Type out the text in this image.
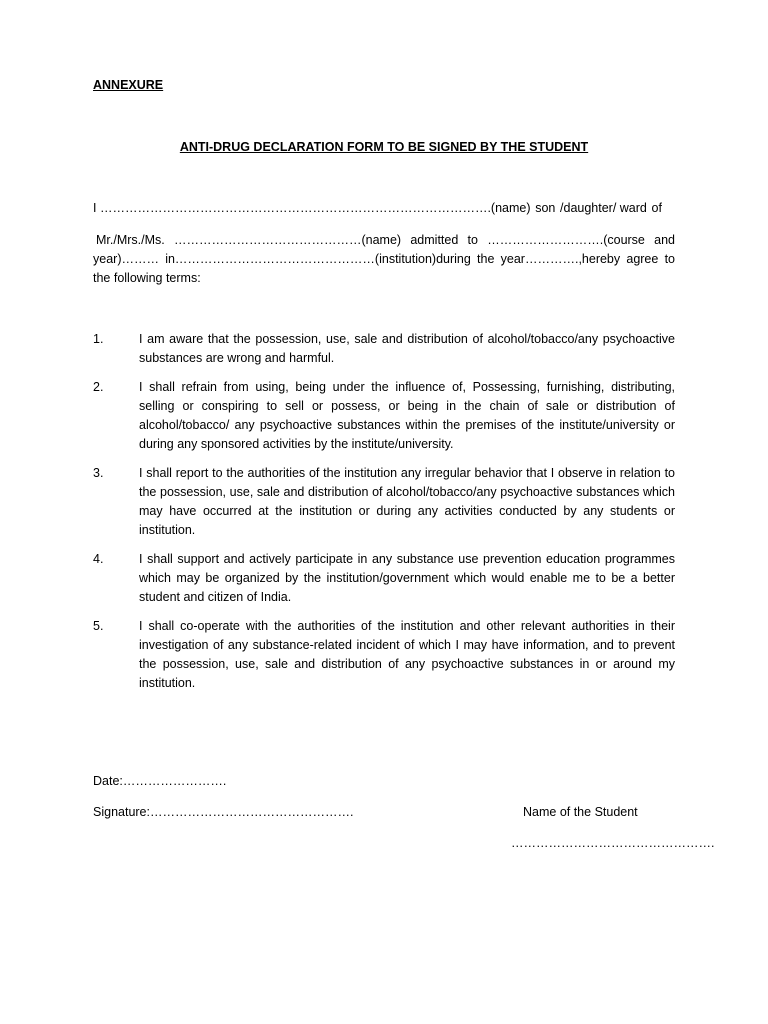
ANNEXURE
ANTI-DRUG DECLARATION FORM TO BE SIGNED BY THE STUDENT
I ………………………………………………………………………………….(name) son /daughter/ ward of

Mr./Mrs./Ms. ………………………………………(name) admitted to ……………………….(course and year)……… in…………………………………………(institution)during the year………….,hereby agree to the following terms:

1.	I am aware that the possession, use, sale and distribution of alcohol/tobacco/any psychoactive substances are wrong and harmful.
2.	I shall refrain from using, being under the influence of, Possessing, furnishing, distributing, selling or conspiring to sell or possess, or being in the chain of sale or distribution of alcohol/tobacco/ any psychoactive substances within the premises of the institute/university or during any sponsored activities by the institute/university.
3.	I shall report to the authorities of the institution any irregular behavior that I observe in relation to the possession, use, sale and distribution of alcohol/tobacco/any psychoactive substances which may have occurred at the institution or during any activities conducted by any students or institution.
4.	I shall support and actively participate in any substance use prevention education programmes which may be organized by the institution/government which would enable me to be a better student and citizen of India.
5.	I shall co-operate with the authorities of the institution and other relevant authorities in their investigation of any substance-related incident of which I may have information, and to prevent the possession, use, sale and distribution of any psychoactive substances in or around my institution.
Date:…………………….
Signature:………………………………………….	Name of the Student
………………………………………….
